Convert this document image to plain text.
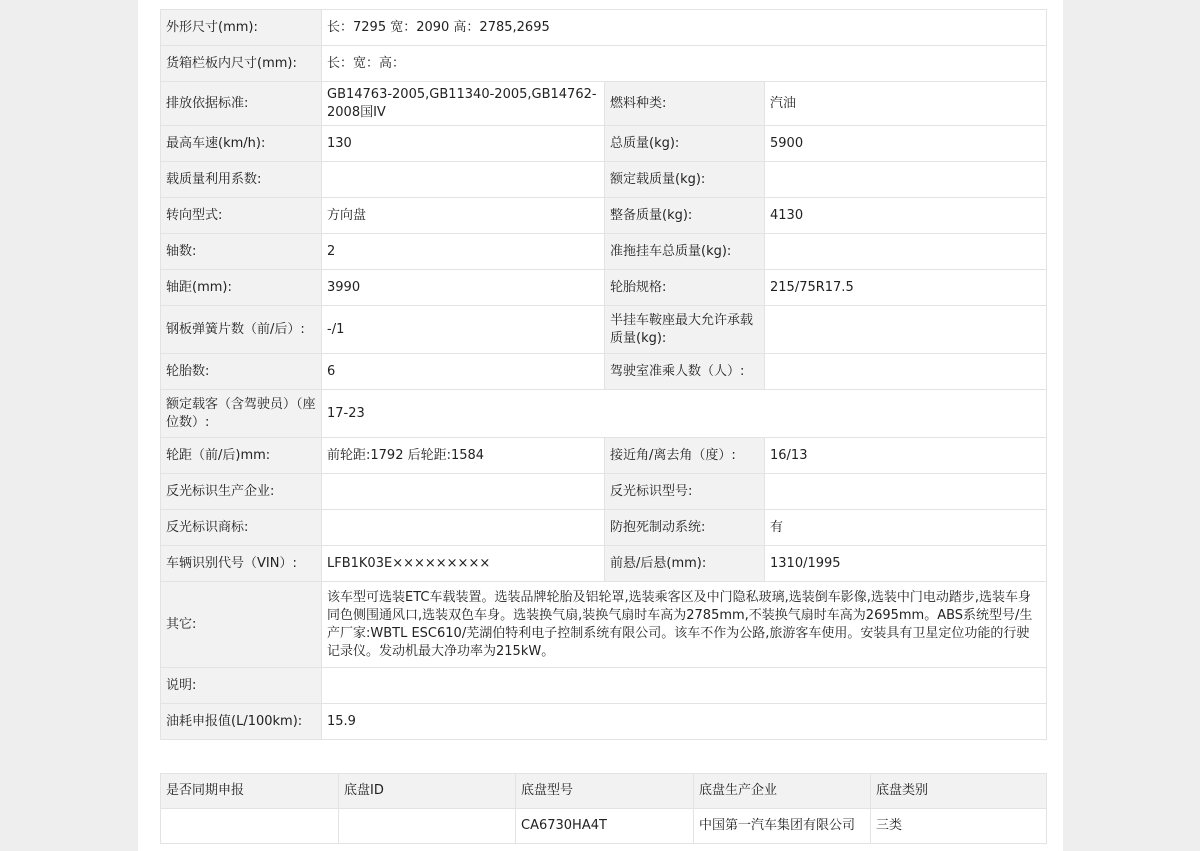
外形尺寸(mm):	长：7295 宽：2090 高：2785,2695		
货箱栏板内尺寸(mm):	长：宽：高：		
排放依据标准:	GB14763-2005,GB11340-2005,GB14762-2008国IV	燃料种类:	汽油
最高车速(km/h):	130	总质量(kg):	5900
载质量利用系数:		额定载质量(kg):	
转向型式:	方向盘	整备质量(kg):	4130
轴数:	2	准拖挂车总质量(kg):	
轴距(mm):	3990	轮胎规格:	215/75R17.5
钢板弹簧片数（前/后）:	-/1	半挂车鞍座最大允许承载质量(kg):	
轮胎数:	6	驾驶室准乘人数（人）:	
额定载客（含驾驶员）（座位数）:	17-23		
轮距（前/后)mm:	前轮距:1792 后轮距:1584	接近角/离去角（度）:	16/13
反光标识生产企业:		反光标识型号:	
反光标识商标:		防抱死制动系统:	有
车辆识别代号（VIN）:	LFB1K03E×××××××××	前悬/后悬(mm):	1310/1995
其它:	该车型可选装ETC车载装置。选装品牌轮胎及铝轮罩,选装乘客区及中门隐私玻璃,选装倒车影像,选装中门电动踏步,选装车身同色侧围通风口,选装双色车身。选装换气扇,装换气扇时车高为2785mm,不装换气扇时车高为2695mm。ABS系统型号/生产厂家:WBTL ESC610/芜湖伯特利电子控制系统有限公司。该车不作为公路,旅游客车使用。安装具有卫星定位功能的行驶记录仪。发动机最大净功率为215kW。		
说明:			
油耗申报值(L/100km):	15.9		
是否同期申报	底盘ID	底盘型号	底盘生产企业	底盘类别
		CA6730HA4T	中国第一汽车集团有限公司	三类
